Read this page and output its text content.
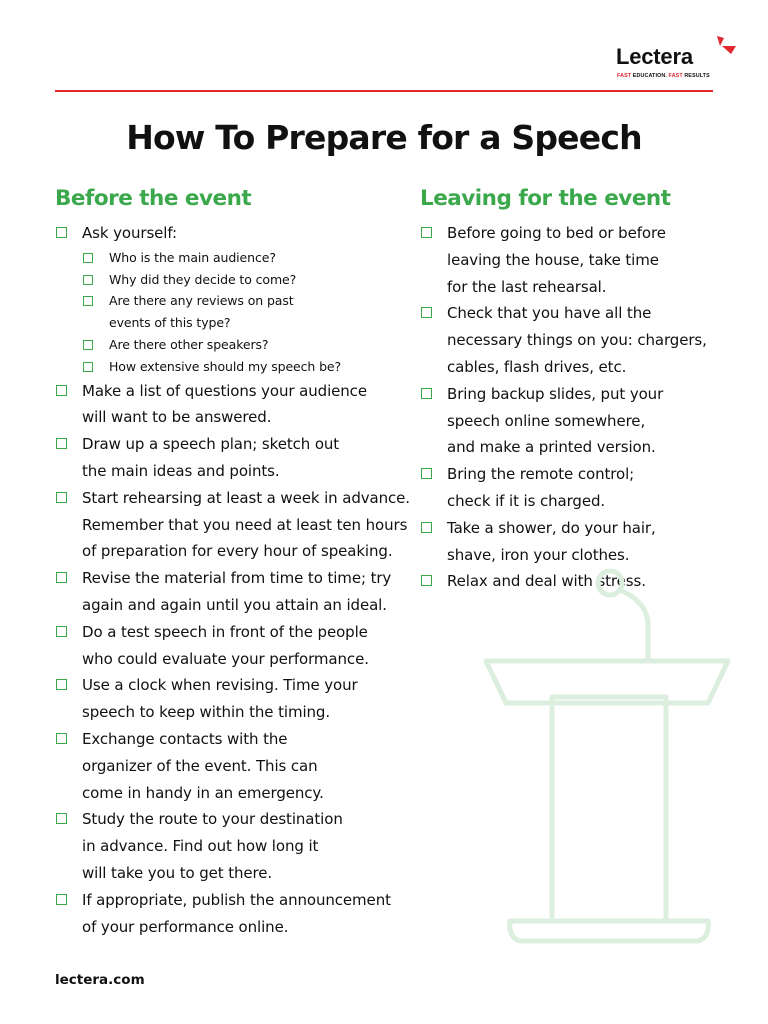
Lectera
FAST EDUCATION. FAST RESULTS
How To Prepare for a Speech
Before the event	Leaving for the event
Ask yourself:
Who is the main audience?
Why did they decide to come?
Are there any reviews on past
events of this type?
Are there other speakers?
How extensive should my speech be?
Make a list of questions your audience
will want to be answered.
Draw up a speech plan; sketch out
the main ideas and points.
Start rehearsing at least a week in advance.
Remember that you need at least ten hours
of preparation for every hour of speaking.
Revise the material from time to time; try
again and again until you attain an ideal.
Do a test speech in front of the people
who could evaluate your performance.
Use a clock when revising. Time your
speech to keep within the timing.
Exchange contacts with the
organizer of the event. This can
come in handy in an emergency.
Study the route to your destination
in advance. Find out how long it
will take you to get there.
If appropriate, publish the announcement
of your performance online.
Before going to bed or before
leaving the house, take time
for the last rehearsal.
Check that you have all the
necessary things on you: chargers,
cables, flash drives, etc.
Bring backup slides, put your
speech online somewhere,
and make a printed version.
Bring the remote control;
check if it is charged.
Take a shower, do your hair,
shave, iron your clothes.
Relax and deal with stress.
lectera.com
